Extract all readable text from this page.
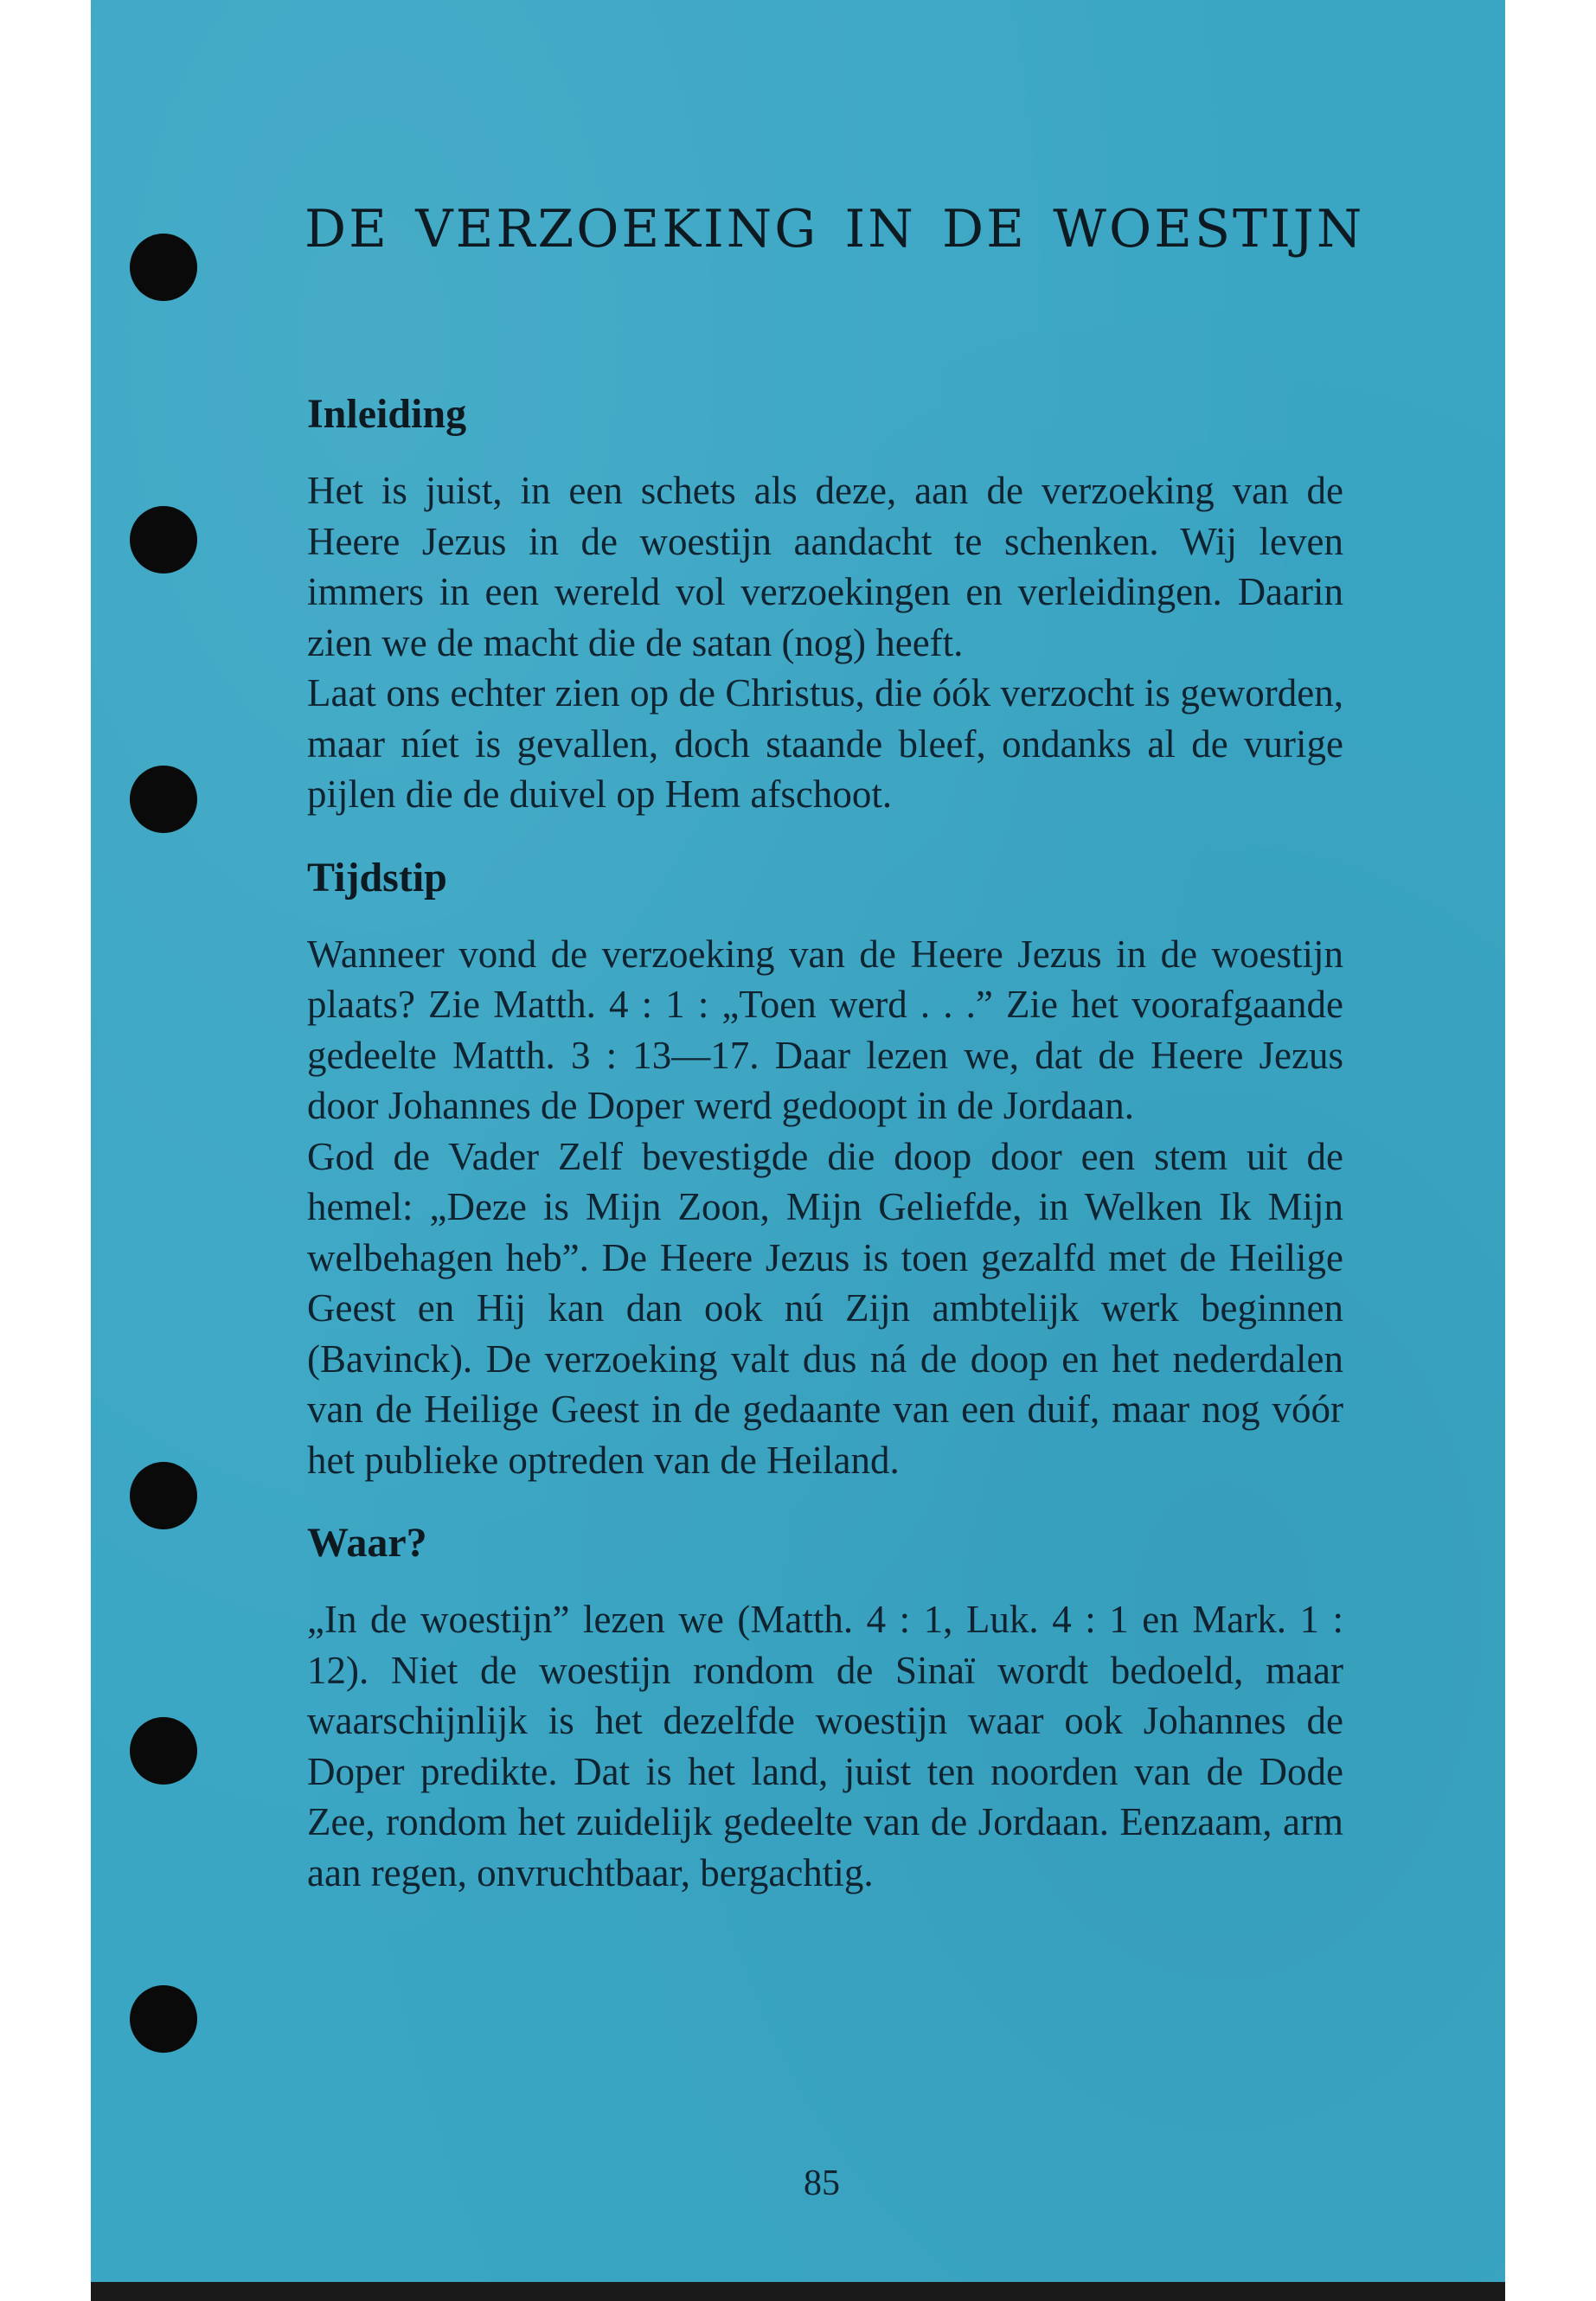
de verzoeking in de woestijn
Inleiding

Het is juist, in een schets als deze, aan de verzoeking van de Heere Jezus in de woestijn aandacht te schenken. Wij leven immers in een wereld vol verzoekingen en verleidingen. Daarin zien we de macht die de satan (nog) heeft.

Laat ons echter zien op de Christus, die óók verzocht is geworden, maar níet is gevallen, doch staande bleef, ondanks al de vurige pijlen die de duivel op Hem afschoot.

Tijdstip

Wanneer vond de verzoeking van de Heere Jezus in de woestijn plaats? Zie Matth. 4 : 1 : „Toen werd . . .” Zie het voorafgaande gedeelte Matth. 3 : 13—17. Daar lezen we, dat de Heere Jezus door Johannes de Doper werd gedoopt in de Jordaan.

God de Vader Zelf bevestigde die doop door een stem uit de hemel: „Deze is Mijn Zoon, Mijn Geliefde, in Welken Ik Mijn welbehagen heb”. De Heere Jezus is toen gezalfd met de Heilige Geest en Hij kan dan ook nú Zijn ambtelijk werk beginnen (Bavinck). De verzoeking valt dus ná de doop en het nederdalen van de Heilige Geest in de gedaante van een duif, maar nog vóór het publieke optreden van de Heiland.

Waar?

„In de woestijn” lezen we (Matth. 4 : 1, Luk. 4 : 1 en Mark. 1 : 12). Niet de woestijn rondom de Sinaï wordt bedoeld, maar waarschijnlijk is het dezelfde woestijn waar ook Johannes de Doper predikte. Dat is het land, juist ten noorden van de Dode Zee, rondom het zuidelijk gedeelte van de Jordaan. Eenzaam, arm aan regen, onvruchtbaar, bergachtig.

85
